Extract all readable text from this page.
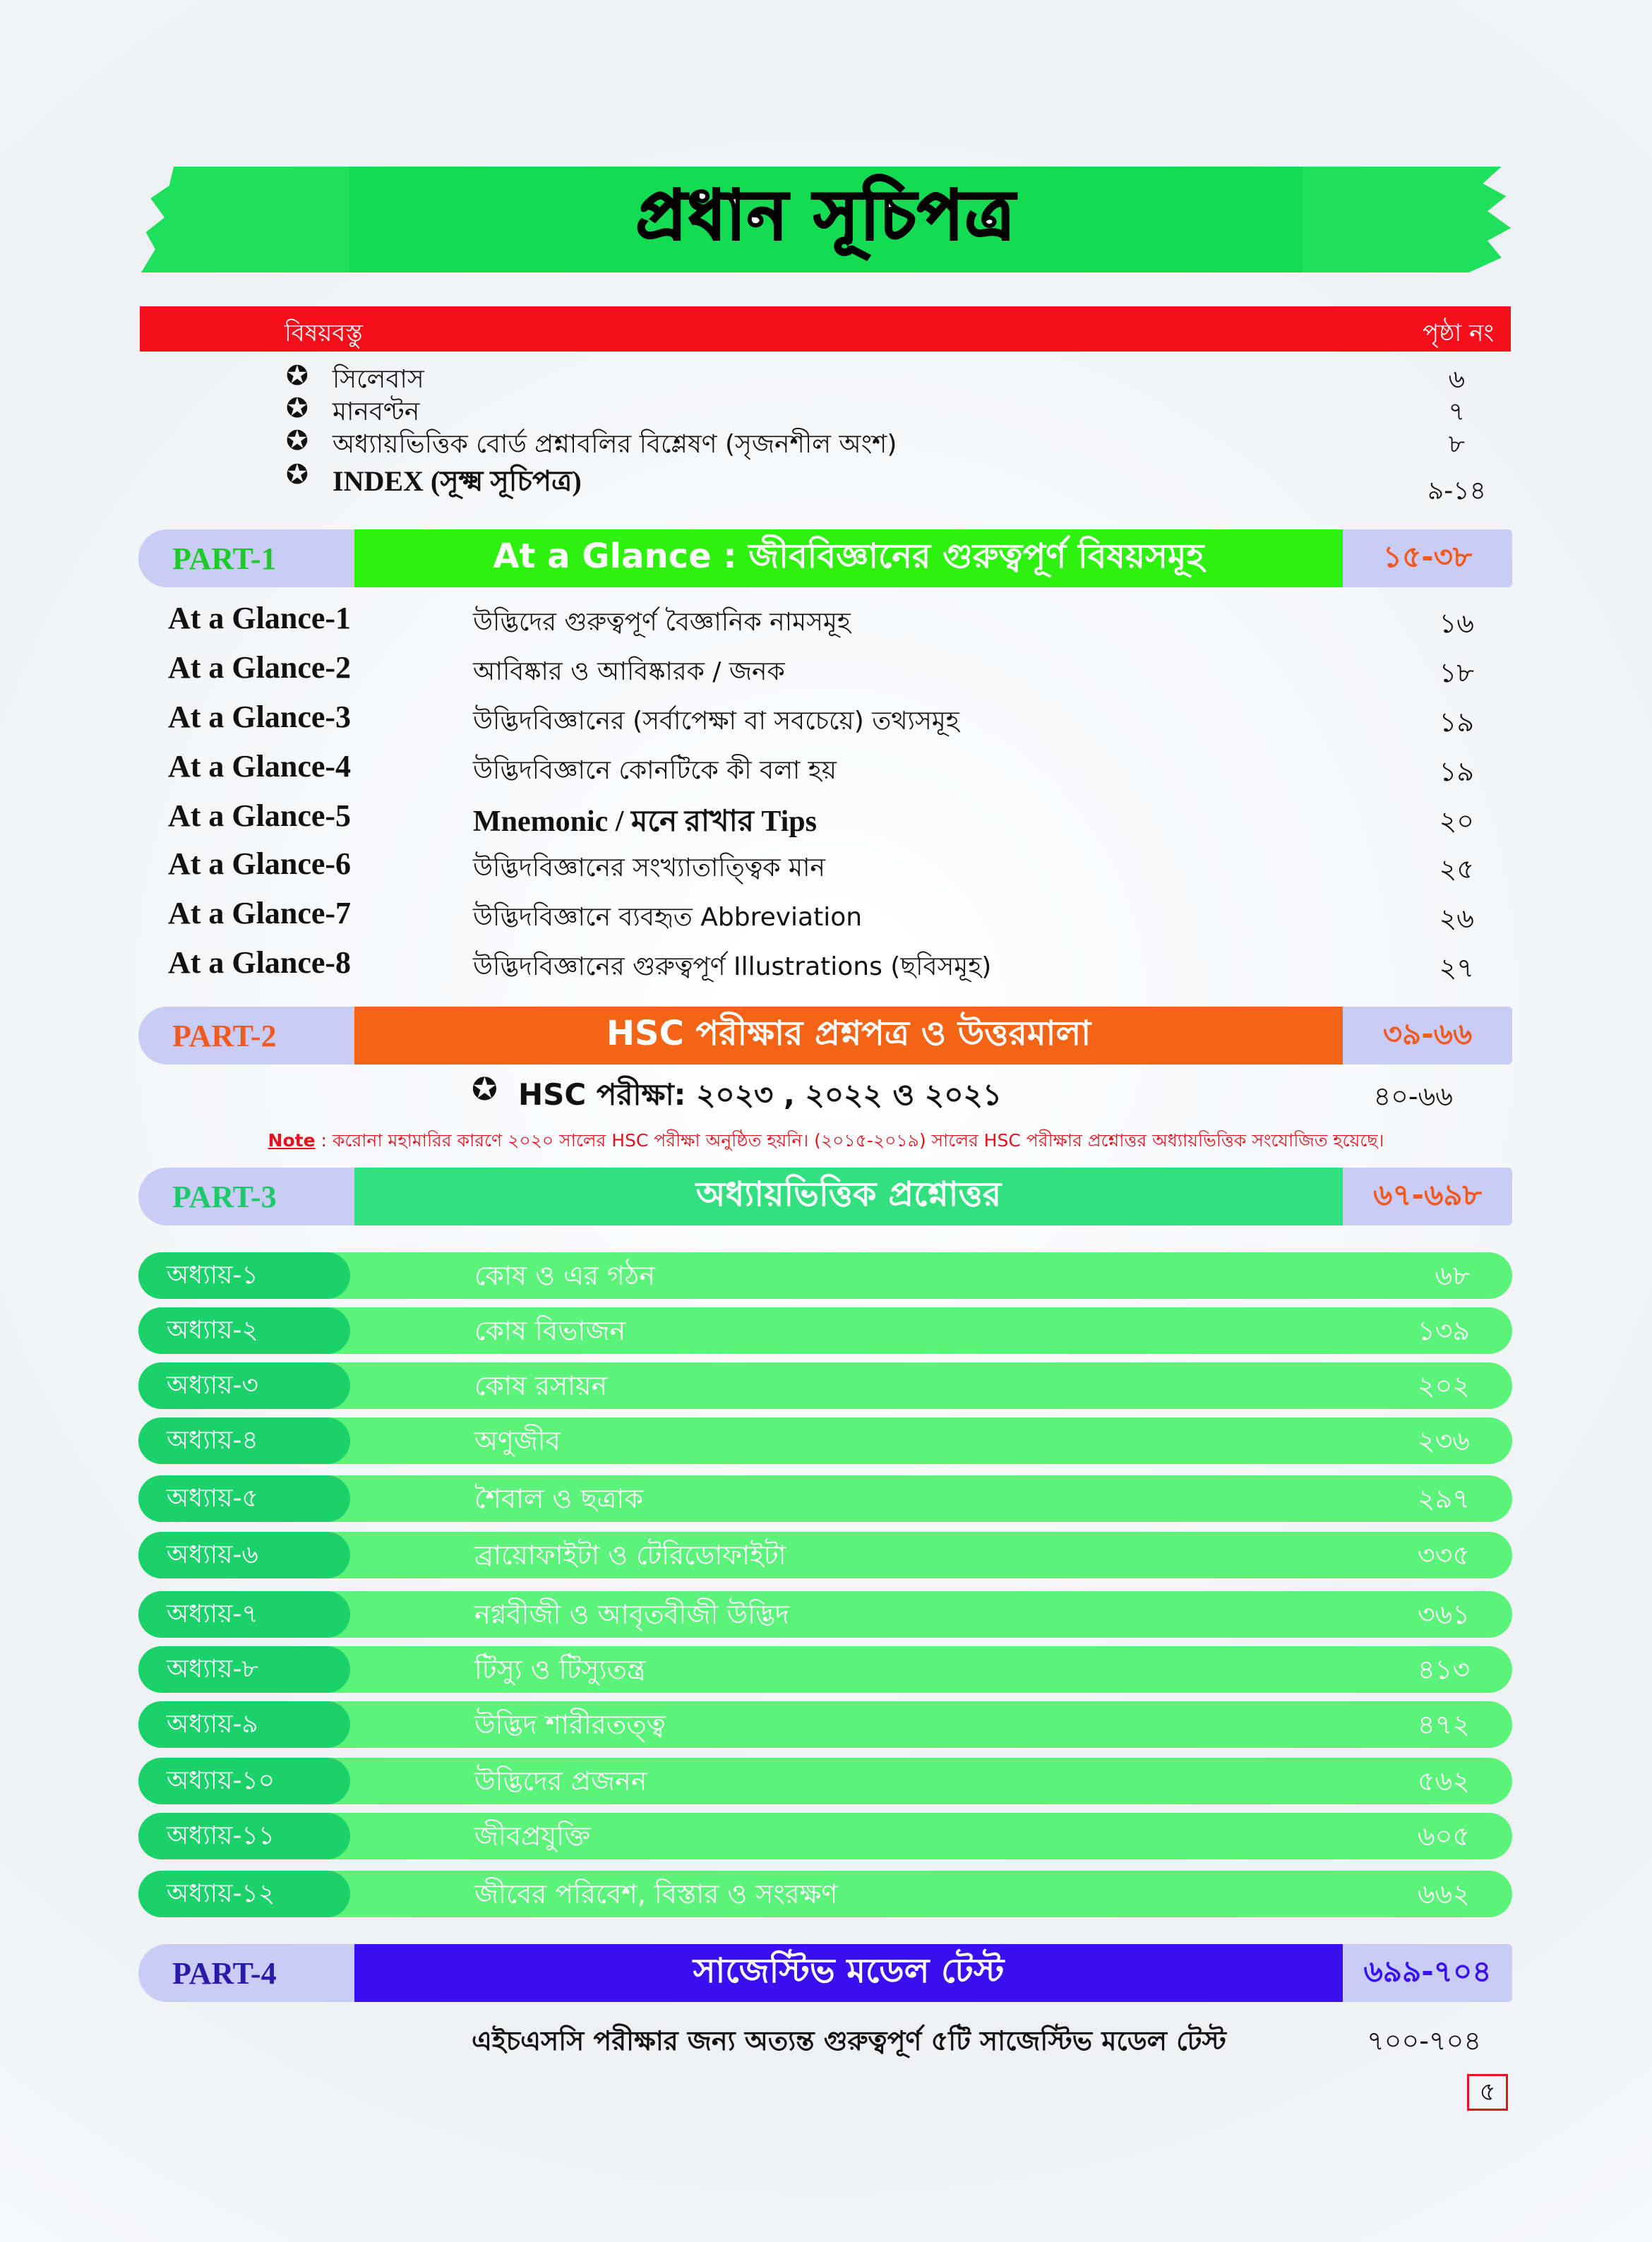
প্রধান সূচিপত্র
বিষয়বস্তু	পৃষ্ঠা নং
✪ সিলেবাস	৬
✪ মানবণ্টন	৭
✪ অধ্যায়ভিত্তিক বোর্ড প্রশ্নাবলির বিশ্লেষণ (সৃজনশীল অংশ)	৮
✪ INDEX (সূক্ষ্ম সূচিপত্র)	৯-১৪
PART-1	At a Glance : জীববিজ্ঞানের গুরুত্বপূর্ণ বিষয়সমূহ	১৫-৩৮
At a Glance-1	উদ্ভিদের গুরুত্বপূর্ণ বৈজ্ঞানিক নামসমূহ	১৬
At a Glance-2	আবিষ্কার ও আবিষ্কারক / জনক	১৮
At a Glance-3	উদ্ভিদবিজ্ঞানের (সর্বাপেক্ষা বা সবচেয়ে) তথ্যসমূহ	১৯
At a Glance-4	উদ্ভিদবিজ্ঞানে কোনটিকে কী বলা হয়	১৯
At a Glance-5	Mnemonic / মনে রাখার Tips	২০
At a Glance-6	উদ্ভিদবিজ্ঞানের সংখ্যাতাত্ত্বিক মান	২৫
At a Glance-7	উদ্ভিদবিজ্ঞানে ব্যবহৃত Abbreviation	২৬
At a Glance-8	উদ্ভিদবিজ্ঞানের গুরুত্বপূর্ণ Illustrations (ছবিসমূহ)	২৭
PART-2	HSC পরীক্ষার প্রশ্নপত্র ও উত্তরমালা	৩৯-৬৬
✪ HSC পরীক্ষা: ২০২৩ , ২০২২ ও ২০২১	৪০-৬৬
Note : করোনা মহামারির কারণে ২০২০ সালের HSC পরীক্ষা অনুষ্ঠিত হয়নি। (২০১৫-২০১৯) সালের HSC পরীক্ষার প্রশ্নোত্তর অধ্যায়ভিত্তিক সংযোজিত হয়েছে।
PART-3	অধ্যায়ভিত্তিক প্রশ্নোত্তর	৬৭-৬৯৮
অধ্যায়-১	কোষ ও এর গঠন	৬৮
অধ্যায়-২	কোষ বিভাজন	১৩৯
অধ্যায়-৩	কোষ রসায়ন	২০২
অধ্যায়-৪	অণুজীব	২৩৬
অধ্যায়-৫	শৈবাল ও ছত্রাক	২৯৭
অধ্যায়-৬	ব্রায়োফাইটা ও টেরিডোফাইটা	৩৩৫
অধ্যায়-৭	নগ্নবীজী ও আবৃতবীজী উদ্ভিদ	৩৬১
অধ্যায়-৮	টিস্যু ও টিস্যুতন্ত্র	৪১৩
অধ্যায়-৯	উদ্ভিদ শারীরতত্ত্ব	৪৭২
অধ্যায়-১০	উদ্ভিদের প্রজনন	৫৬২
অধ্যায়-১১	জীবপ্রযুক্তি	৬০৫
অধ্যায়-১২	জীবের পরিবেশ, বিস্তার ও সংরক্ষণ	৬৬২
PART-4	সাজেস্টিভ মডেল টেস্ট	৬৯৯-৭০৪
এইচএসসি পরীক্ষার জন্য অত্যন্ত গুরুত্বপূর্ণ ৫টি সাজেস্টিভ মডেল টেস্ট	৭০০-৭০৪
৫
